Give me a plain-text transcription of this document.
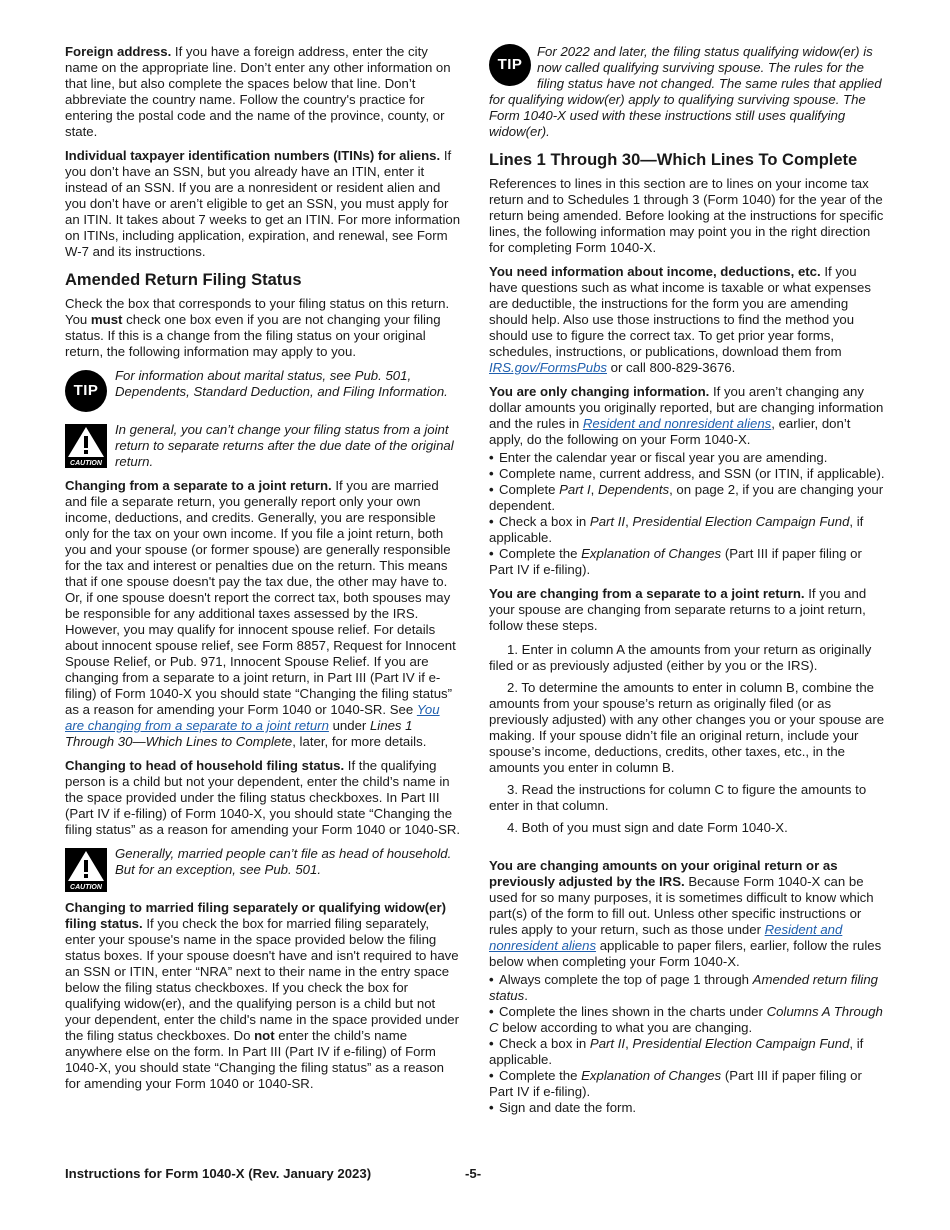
Foreign address. If you have a foreign address, enter the city name on the appropriate line. Don’t enter any other information on that line, but also complete the spaces below that line. Don’t abbreviate the country name. Follow the country's practice for entering the postal code and the name of the province, county, or state.

Individual taxpayer identification numbers (ITINs) for aliens. If you don’t have an SSN, but you already have an ITIN, enter it instead of an SSN. If you are a nonresident or resident alien and you don’t have or aren’t eligible to get an SSN, you must apply for an ITIN. It takes about 7 weeks to get an ITIN. For more information on ITINs, including application, expiration, and renewal, see Form W-7 and its instructions.

Amended Return Filing Status

Check the box that corresponds to your filing status on this return. You must check one box even if you are not changing your filing status. If this is a change from the filing status on your original return, the following information may apply to you.

TIP
For information about marital status, see Pub. 501, Dependents, Standard Deduction, and Filing Information.
CAUTION
In general, you can’t change your filing status from a joint return to separate returns after the due date of the original return.

Changing from a separate to a joint return. If you are married and file a separate return, you generally report only your own income, deductions, and credits. Generally, you are responsible only for the tax on your own income. If you file a joint return, both you and your spouse (or former spouse) are generally responsible for the tax and interest or penalties due on the return. This means that if one spouse doesn't pay the tax due, the other may have to. Or, if one spouse doesn't report the correct tax, both spouses may be responsible for any additional taxes assessed by the IRS. However, you may qualify for innocent spouse relief. For details about innocent spouse relief, see Form 8857, Request for Innocent Spouse Relief, or Pub. 971, Innocent Spouse Relief. If you are changing from a separate to a joint return, in Part III (Part IV if e-filing) of Form 1040-X you should state “Changing the filing status” as a reason for amending your Form 1040 or 1040-SR. See You are changing from a separate to a joint return under Lines 1 Through 30—Which Lines to Complete, later, for more details.

Changing to head of household filing status. If the qualifying person is a child but not your dependent, enter the child’s name in the space provided under the filing status checkboxes. In Part III (Part IV if e-filing) of Form 1040-X, you should state “Changing the filing status” as a reason for amending your Form 1040 or 1040-SR.

CAUTION
Generally, married people can’t file as head of household. But for an exception, see Pub. 501.

Changing to married filing separately or qualifying widow(er) filing status. If you check the box for married filing separately, enter your spouse's name in the space provided below the filing status boxes. If your spouse doesn't have and isn't required to have an SSN or ITIN, enter “NRA” next to their name in the entry space below the filing status checkboxes. If you check the box for qualifying widow(er), and the qualifying person is a child but not your dependent, enter the child's name in the space provided under the filing status checkboxes. Do not enter the child’s name anywhere else on the form. In Part III (Part IV if e-filing) of Form 1040-X, you should state “Changing the filing status” as a reason for amending your Form 1040 or 1040-SR.

TIP
For 2022 and later, the filing status qualifying widow(er) is now called qualifying surviving spouse. The rules for the filing status have not changed. The same rules that applied for qualifying widow(er) apply to qualifying surviving spouse. The Form 1040-X used with these instructions still uses qualifying widow(er).
Lines 1 Through 30—Which Lines To Complete

References to lines in this section are to lines on your income tax return and to Schedules 1 through 3 (Form 1040) for the year of the return being amended. Before looking at the instructions for specific lines, the following information may point you in the right direction for completing Form 1040-X.

You need information about income, deductions, etc. If you have questions such as what income is taxable or what expenses are deductible, the instructions for the form you are amending should help. Also use those instructions to find the method you should use to figure the correct tax. To get prior year forms, schedules, instructions, or publications, download them from IRS.gov/FormsPubs or call 800-829-3676.

You are only changing information. If you aren’t changing any dollar amounts you originally reported, but are changing information and the rules in Resident and nonresident aliens, earlier, don’t apply, do the following on your Form 1040-X.

• Enter the calendar year or fiscal year you are amending.
• Complete name, current address, and SSN (or ITIN, if applicable).
• Complete Part I, Dependents, on page 2, if you are changing your dependent.
• Check a box in Part II, Presidential Election Campaign Fund, if applicable.
• Complete the Explanation of Changes (Part III if paper filing or Part IV if e-filing).

You are changing from a separate to a joint return. If you and your spouse are changing from separate returns to a joint return, follow these steps.

1. Enter in column A the amounts from your return as originally filed or as previously adjusted (either by you or the IRS).

2. To determine the amounts to enter in column B, combine the amounts from your spouse’s return as originally filed (or as previously adjusted) with any other changes you or your spouse are making. If your spouse didn’t file an original return, include your spouse’s income, deductions, credits, other taxes, etc., in the amounts you enter in column B.

3. Read the instructions for column C to figure the amounts to enter in that column.

4. Both of you must sign and date Form 1040-X.

You are changing amounts on your original return or as previously adjusted by the IRS. Because Form 1040-X can be used for so many purposes, it is sometimes difficult to know which part(s) of the form to fill out. Unless other specific instructions or rules apply to your return, such as those under Resident and nonresident aliens applicable to paper filers, earlier, follow the rules below when completing your Form 1040-X.

• Always complete the top of page 1 through Amended return filing status.
• Complete the lines shown in the charts under Columns A Through C below according to what you are changing.
• Check a box in Part II, Presidential Election Campaign Fund, if applicable.
• Complete the Explanation of Changes (Part III if paper filing or Part IV if e-filing).
• Sign and date the form.
Instructions for Form 1040-X (Rev. January 2023)	-5-
